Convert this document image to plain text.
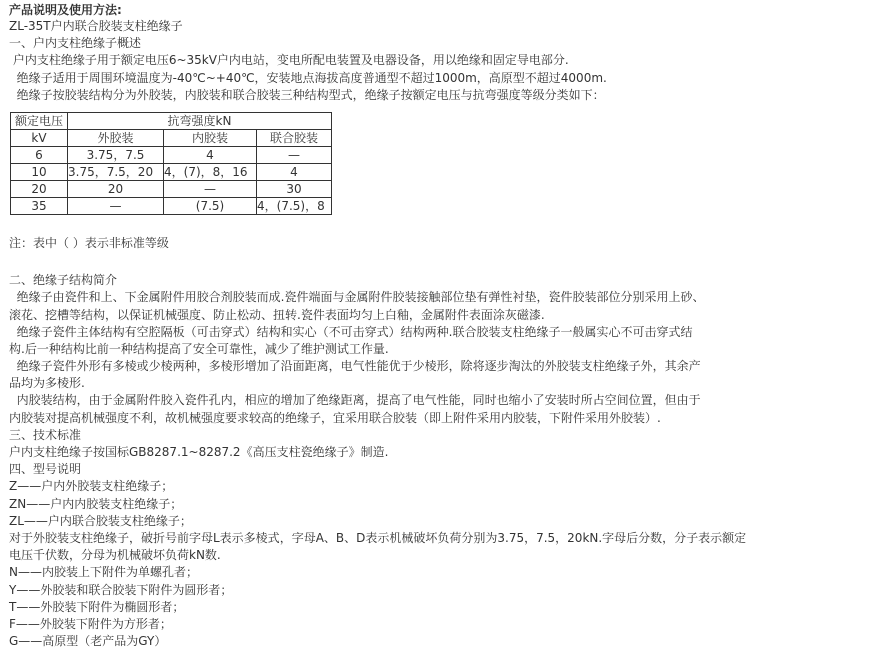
产品说明及使用方法:
ZL-35T户内联合胶装支柱绝缘子
一、户内支柱绝缘子概述
户内支柱绝缘子用于额定电压6~35kV户内电站，变电所配电装置及电器设备，用以绝缘和固定导电部分.
绝缘子适用于周围环境温度为-40℃~+40℃，安装地点海拔高度普通型不超过1000m，高原型不超过4000m.
绝缘子按胶装结构分为外胶装，内胶装和联合胶装三种结构型式，绝缘子按额定电压与抗弯强度等级分类如下：
额定电压	抗弯强度kN		
kV	外胶装	内胶装	联合胶装
6	3.75，7.5	4	—
10	3.75，7.5，20	4，(7)，8，16	4
20	20	—	30
35	—	(7.5)	4，(7.5)，8
注：表中（ ）表示非标准等级
二、绝缘子结构简介
绝缘子由瓷件和上、下金属附件用胶合剂胶装而成.瓷件端面与金属附件胶装接触部位垫有弹性衬垫，瓷件胶装部位分别采用上砂、
滚花、挖槽等结构，以保证机械强度、防止松动、扭转.瓷件表面均匀上白釉，金属附件表面涂灰磁漆.
绝缘子瓷件主体结构有空腔隔板（可击穿式）结构和实心（不可击穿式）结构两种.联合胶装支柱绝缘子一般属实心不可击穿式结
构.后一种结构比前一种结构提高了安全可靠性，减少了维护测试工作量.
绝缘子瓷件外形有多棱或少棱两种，多棱形增加了沿面距离，电气性能优于少棱形，除将逐步淘汰的外胶装支柱绝缘子外，其余产
品均为多棱形.
内胶装结构，由于金属附件胶入瓷件孔内，相应的增加了绝缘距离，提高了电气性能，同时也缩小了安装时所占空间位置，但由于
内胶装对提高机械强度不利，故机械强度要求较高的绝缘子，宜采用联合胶装（即上附件采用内胶装，下附件采用外胶装）.
三、技术标准
户内支柱绝缘子按国标GB8287.1~8287.2《高压支柱瓷绝缘子》制造.
四、型号说明
Z——户内外胶装支柱绝缘子；
ZN——户内内胶装支柱绝缘子；
ZL——户内联合胶装支柱绝缘子；
对于外胶装支柱绝缘子，破折号前字母L表示多棱式，字母A、B、D表示机械破坏负荷分别为3.75，7.5，20kN.字母后分数，分子表示额定
电压千伏数，分母为机械破坏负荷kN数.
N——内胶装上下附件为单螺孔者；
Y——外胶装和联合胶装下附件为圆形者；
T——外胶装下附件为椭圆形者；
F——外胶装下附件为方形者；
G——高原型（老产品为GY）
